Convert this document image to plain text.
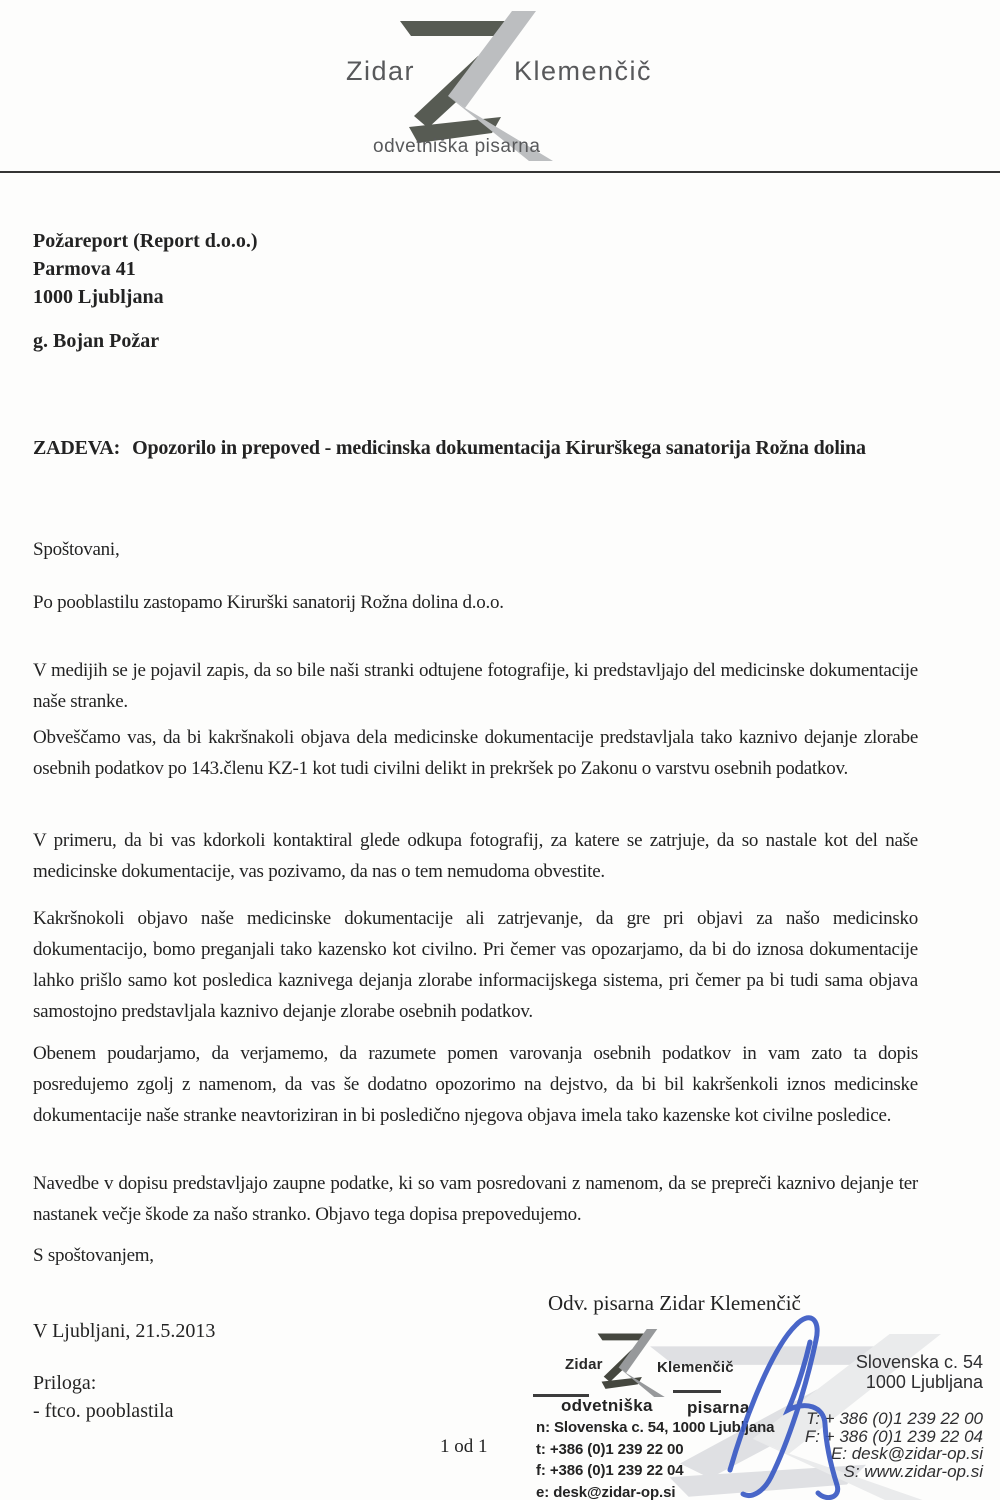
Zidar	Klemenčič
odvetniška pisarna
Požareport (Report d.o.o.)
Parmova 41
1000 Ljubljana
g. Bojan Požar

ZADEVA: Opozorilo in prepoved - medicinska dokumentacija Kirurškega sanatorija Rožna dolina

Spoštovani,

Po pooblastilu zastopamo Kirurški sanatorij Rožna dolina d.o.o.

V medijih se je pojavil zapis, da so bile naši stranki odtujene fotografije, ki predstavljajo del medicinske dokumentacije naše stranke.

Obveščamo vas, da bi kakršnakoli objava dela medicinske dokumentacije predstavljala tako kaznivo dejanje zlorabe osebnih podatkov po 143.členu KZ-1 kot tudi civilni delikt in prekršek po Zakonu o varstvu osebnih podatkov.

V primeru, da bi vas kdorkoli kontaktiral glede odkupa fotografij, za katere se zatrjuje, da so nastale kot del naše medicinske dokumentacije, vas pozivamo, da nas o tem nemudoma obvestite.

Kakršnokoli objavo naše medicinske dokumentacije ali zatrjevanje, da gre pri objavi za našo medicinsko dokumentacijo, bomo preganjali tako kazensko kot civilno. Pri čemer vas opozarjamo, da bi do iznosa dokumentacije lahko prišlo samo kot posledica kaznivega dejanja zlorabe informacijskega sistema, pri čemer pa bi tudi sama objava samostojno predstavljala kaznivo dejanje zlorabe osebnih podatkov.

Obenem poudarjamo, da verjamemo, da razumete pomen varovanja osebnih podatkov in vam zato ta dopis posredujemo zgolj z namenom, da vas še dodatno opozorimo na dejstvo, da bi bil kakršenkoli iznos medicinske dokumentacije naše stranke neavtoriziran in bi posledično njegova objava imela tako kazenske kot civilne posledice.

Navedbe v dopisu predstavljajo zaupne podatke, ki so vam posredovani z namenom, da se prepreči kaznivo dejanje ter nastanek večje škode za našo stranko. Objavo tega dopisa prepovedujemo.

S spoštovanjem,

V Ljubljani, 21.5.2013
Priloga:
- ftco. pooblastila
1 od 1
Odv. pisarna Zidar Klemenčič
Zidar	Klemenčič
odvetniška pisarna
n: Slovenska c. 54, 1000 Ljubljana
t: +386 (0)1 239 22 00
f: +386 (0)1 239 22 04
e: desk@zidar-op.si
Slovenska c. 54
1000 Ljubljana
T: + 386 (0)1 239 22 00
F: + 386 (0)1 239 22 04
E: desk@zidar-op.si
S: www.zidar-op.si
